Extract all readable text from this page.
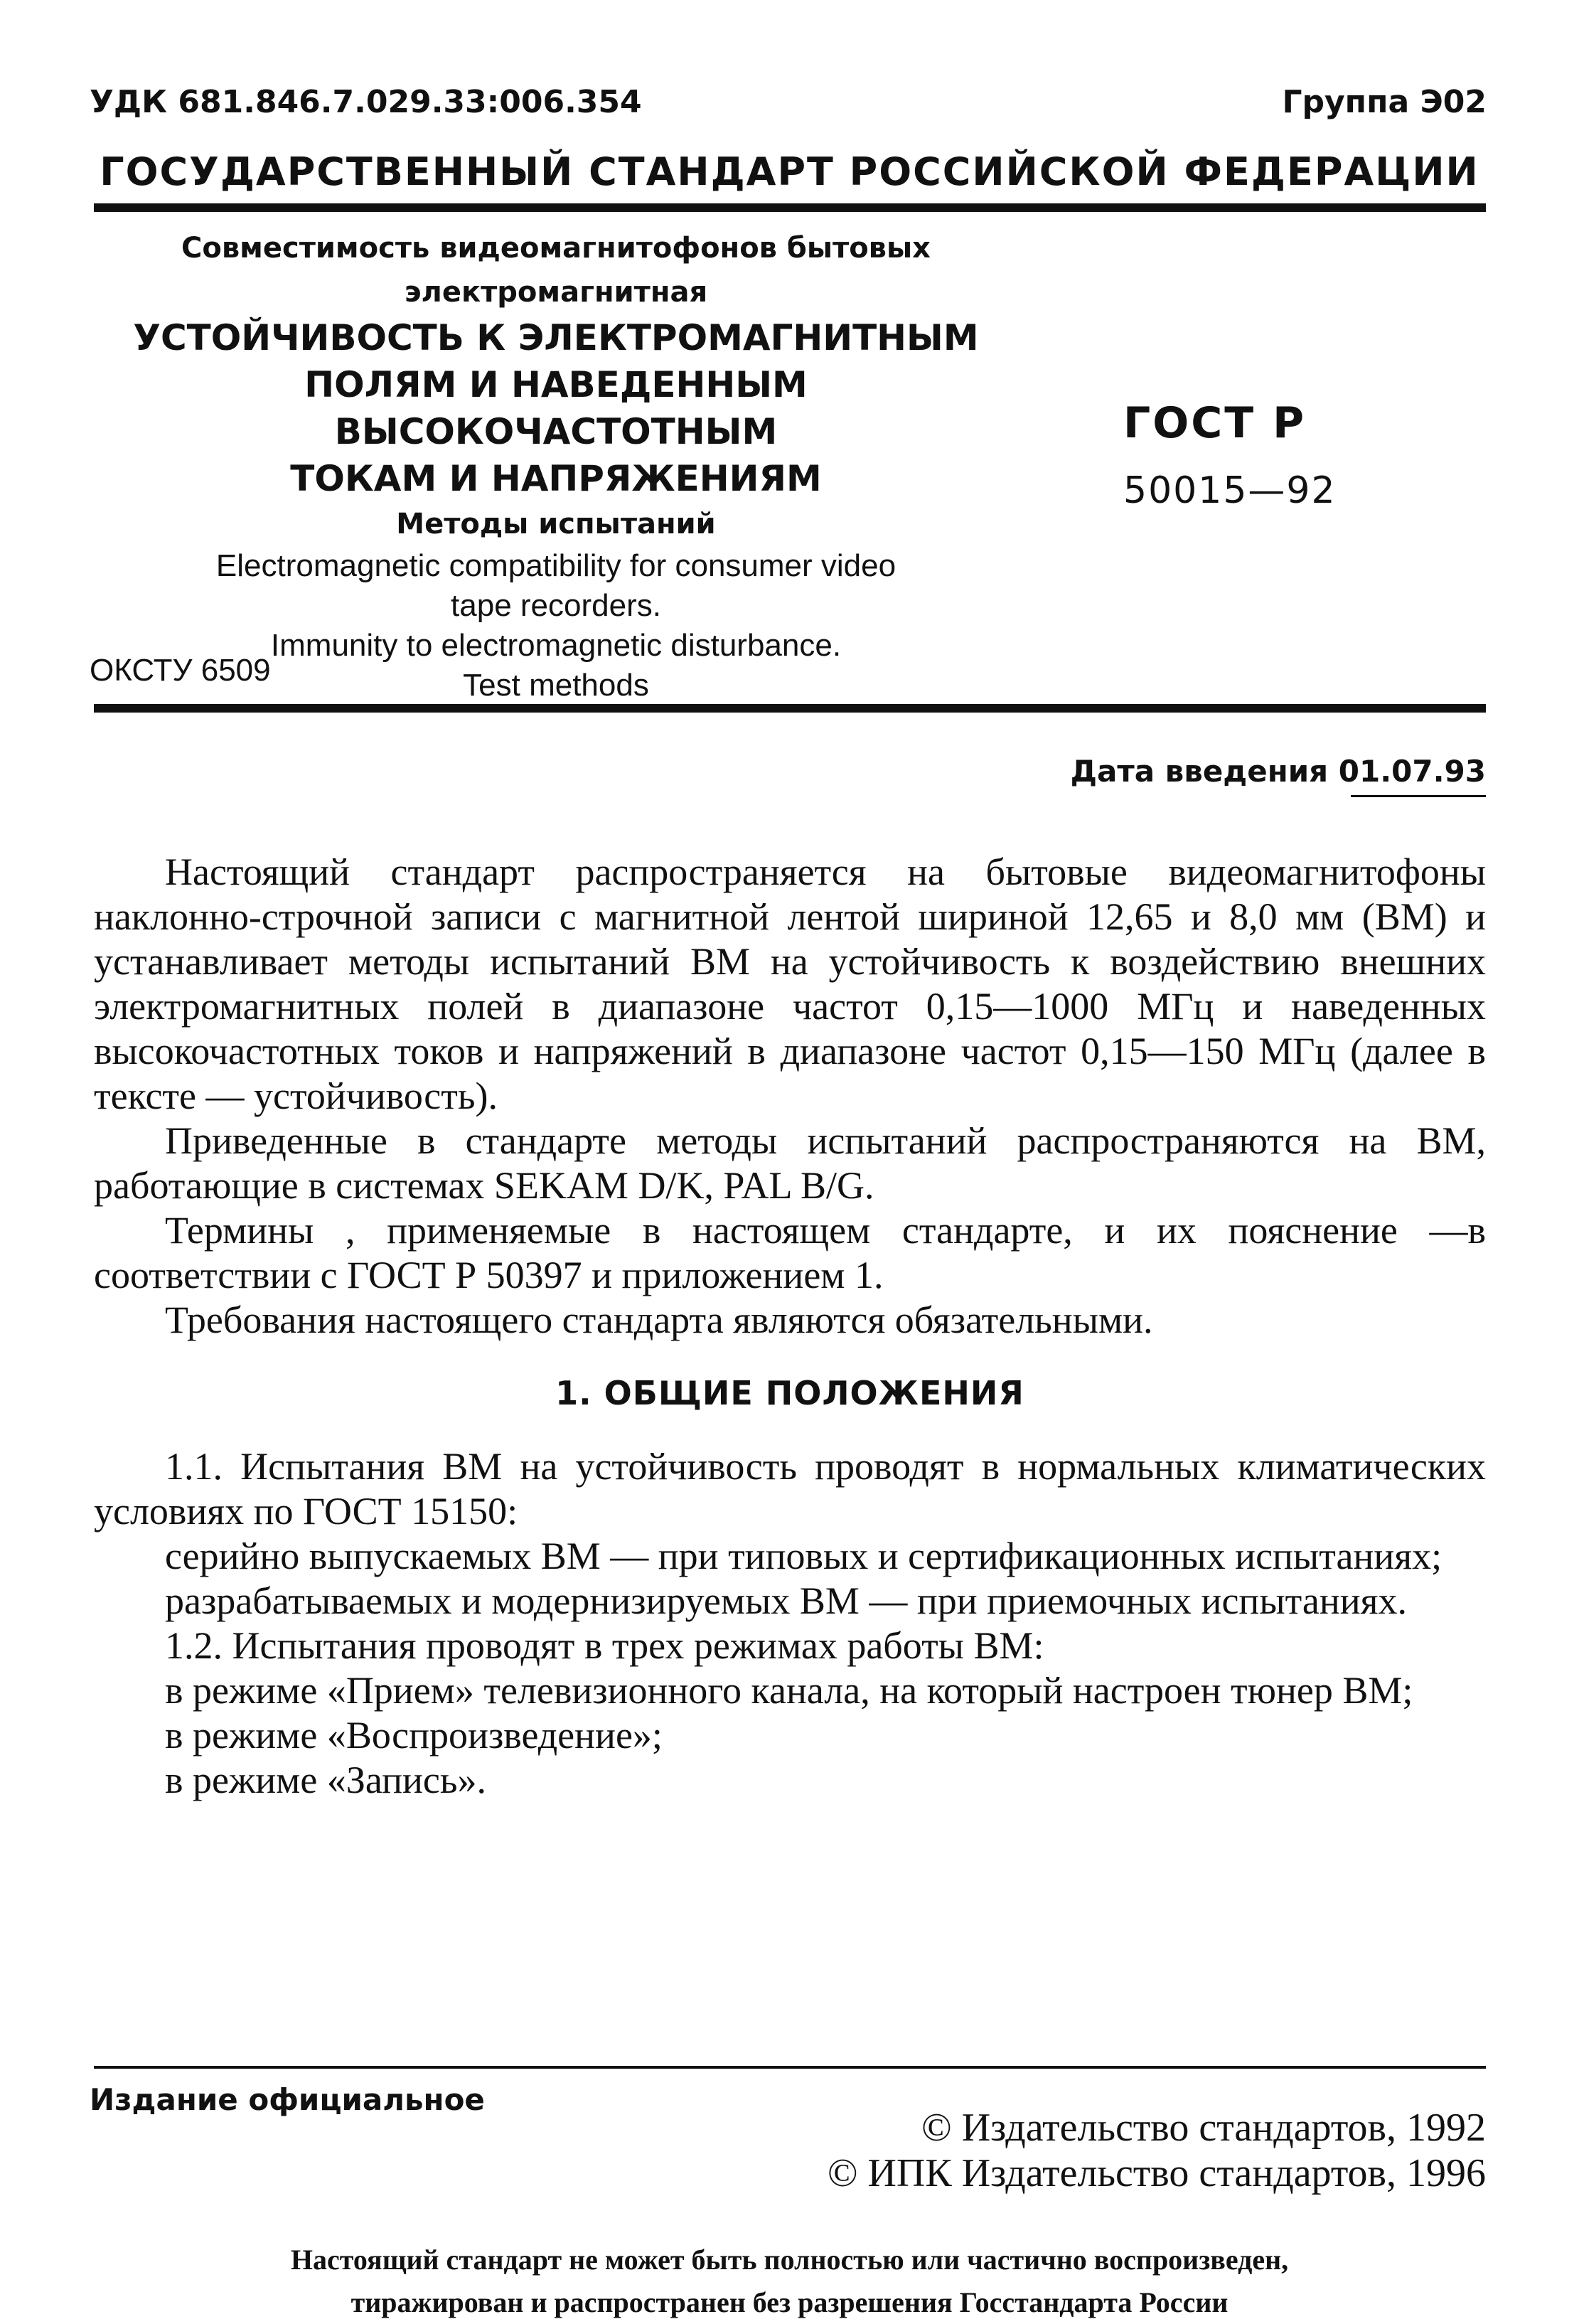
УДК 681.846.7.029.33:006.354	Группа Э02
ГОСУДАРСТВЕННЫЙ СТАНДАРТ РОССИЙСКОЙ ФЕДЕРАЦИИ
Совместимость видеомагнитофонов бытовых
электромагнитная
УСТОЙЧИВОСТЬ К ЭЛЕКТРОМАГНИТНЫМ
ПОЛЯМ И НАВЕДЕННЫМ ВЫСОКОЧАСТОТНЫМ
ТОКАМ И НАПРЯЖЕНИЯМ
Методы испытаний
Electromagnetic compatibility for consumer video
tape recorders.
Immunity to electromagnetic disturbance.
Test methods
ГОСТ Р
50015—92
ОКСТУ 6509
Дата введения 01.07.93

Настоящий стандарт распространяется на бытовые видеомагнитофоны наклонно-строчной записи с магнитной лентой шириной 12,65 и 8,0 мм (ВМ) и устанавливает методы испытаний ВМ на устойчивость к воздействию внешних электромагнитных полей в диапазоне частот 0,15—1000 МГц и наведенных высокочастотных токов и напряжений в диапазоне частот 0,15—150 МГц (далее в тексте — устойчивость).

Приведенные в стандарте методы испытаний распространяются на ВМ, работающие в системах SEKAM D/K, PAL B/G.

Термины , применяемые в настоящем стандарте, и их пояснение —в соответствии с ГОСТ Р 50397 и приложением 1.

Требования настоящего стандарта являются обязательными.

1. ОБЩИЕ ПОЛОЖЕНИЯ

1.1. Испытания ВМ на устойчивость проводят в нормальных климатических условиях по ГОСТ 15150:

серийно выпускаемых ВМ — при типовых и сертификационных испытаниях;

разрабатываемых и модернизируемых ВМ — при приемочных испытаниях.

1.2. Испытания проводят в трех режимах работы ВМ:

в режиме «Прием» телевизионного канала, на который настроен тюнер ВМ;

в режиме «Воспроизведение»;

в режиме «Запись».

Издание официальное
© Издательство стандартов, 1992
© ИПК Издательство стандартов, 1996
Настоящий стандарт не может быть полностью или частично воспроизведен,
тиражирован и распространен без разрешения Госстандарта России
